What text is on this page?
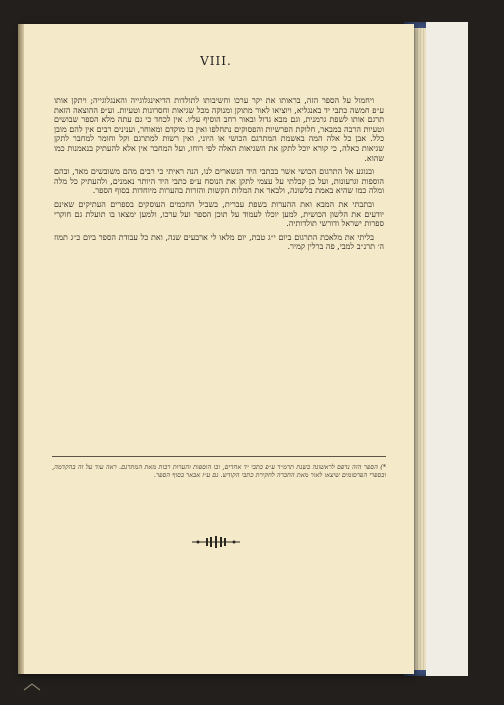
VIII.

ויחמול על הספר הזה, בראותו את יקר ערכו וחשיבותו לתולדות הדיאינגלוגייה והאנגלוגייה; ויתקן אותו ע״פ חמשה כתבי יד באנגליא, ויוציאו לאור מתוקן ומנוקה מכל שגיאות וחסרונות וטעיות. וע״פ ההוצאה הזאת תרגם אותו לשפת גרמנית, וגם מבא גדול ובאור רחב הוסיף עליו. אין לכחד כי גם עתה מלא הספר שבושים וטעיות הרבה במבאר, חלוקת הפרשיות והפסוקים נתחלפו ואין בו מוקדם ומאוחר, וענינים רבים אין להם מובן כלל. אבן כל אלה המה באשמת המתרגם הכושי או היוני, ואין רשות למתרגם וקל וחומר למחבר לתקן שגיאות כאלה, כי קורא יוכל לתקן את השגיאות האלה לפי רוחו, ועל המחבר אין אלא להעתיק בנאמנות כמו שהוא.

ובנוגע אל התרגום הכושי אשר בכתבי היד הנשארים לנו, הנה ראיתי כי רבים מהם משובשים מאד, ובהם הוספות וגרעונות, ועל כן קבלתי על עצמי לתקן את הנוסח ע״פ כתבי היד היותר נאמנים, ולהעתיק כל מלה ומלה כמו שהיא באמת בלשונה, ולבאר את המלות הקשות והזרות בהערות מיוחדות בסוף הספר.

ובתבתי את המבא ואת ההערות בשפת עברית, בשביל החכמים העוסקים בספרים העתיקים שאינם יודעים את הלשון הכושית, למען יוכלו לעמוד על תוכן הספר ועל ערכו, ולמען ימצאו בו תועלת גם חוקרי ספרות ישראל ודורשי תולדותיה.

בליתי את מלאכת התרגום ביום י״ג טבת, יום מלאו לי ארבעים שנה, ואת כל עבודת הספר ביום כ״ג תמוז ה׳ תרנ״ב למבי, פה ברלין קמיר.

*) הספר הזה נדפס לראשונה בשנת תרמ״ד ע״פ כתבי יד אחדים, ובו הוספות והערות רבות מאת המתרגם. ראה עוד על זה בהקדמה, ובספרי הפרסומים שיצאו לאור מאת החברה לחקירת כתבי הקודש. גם ע״ז אבאר בסוף הספר.
